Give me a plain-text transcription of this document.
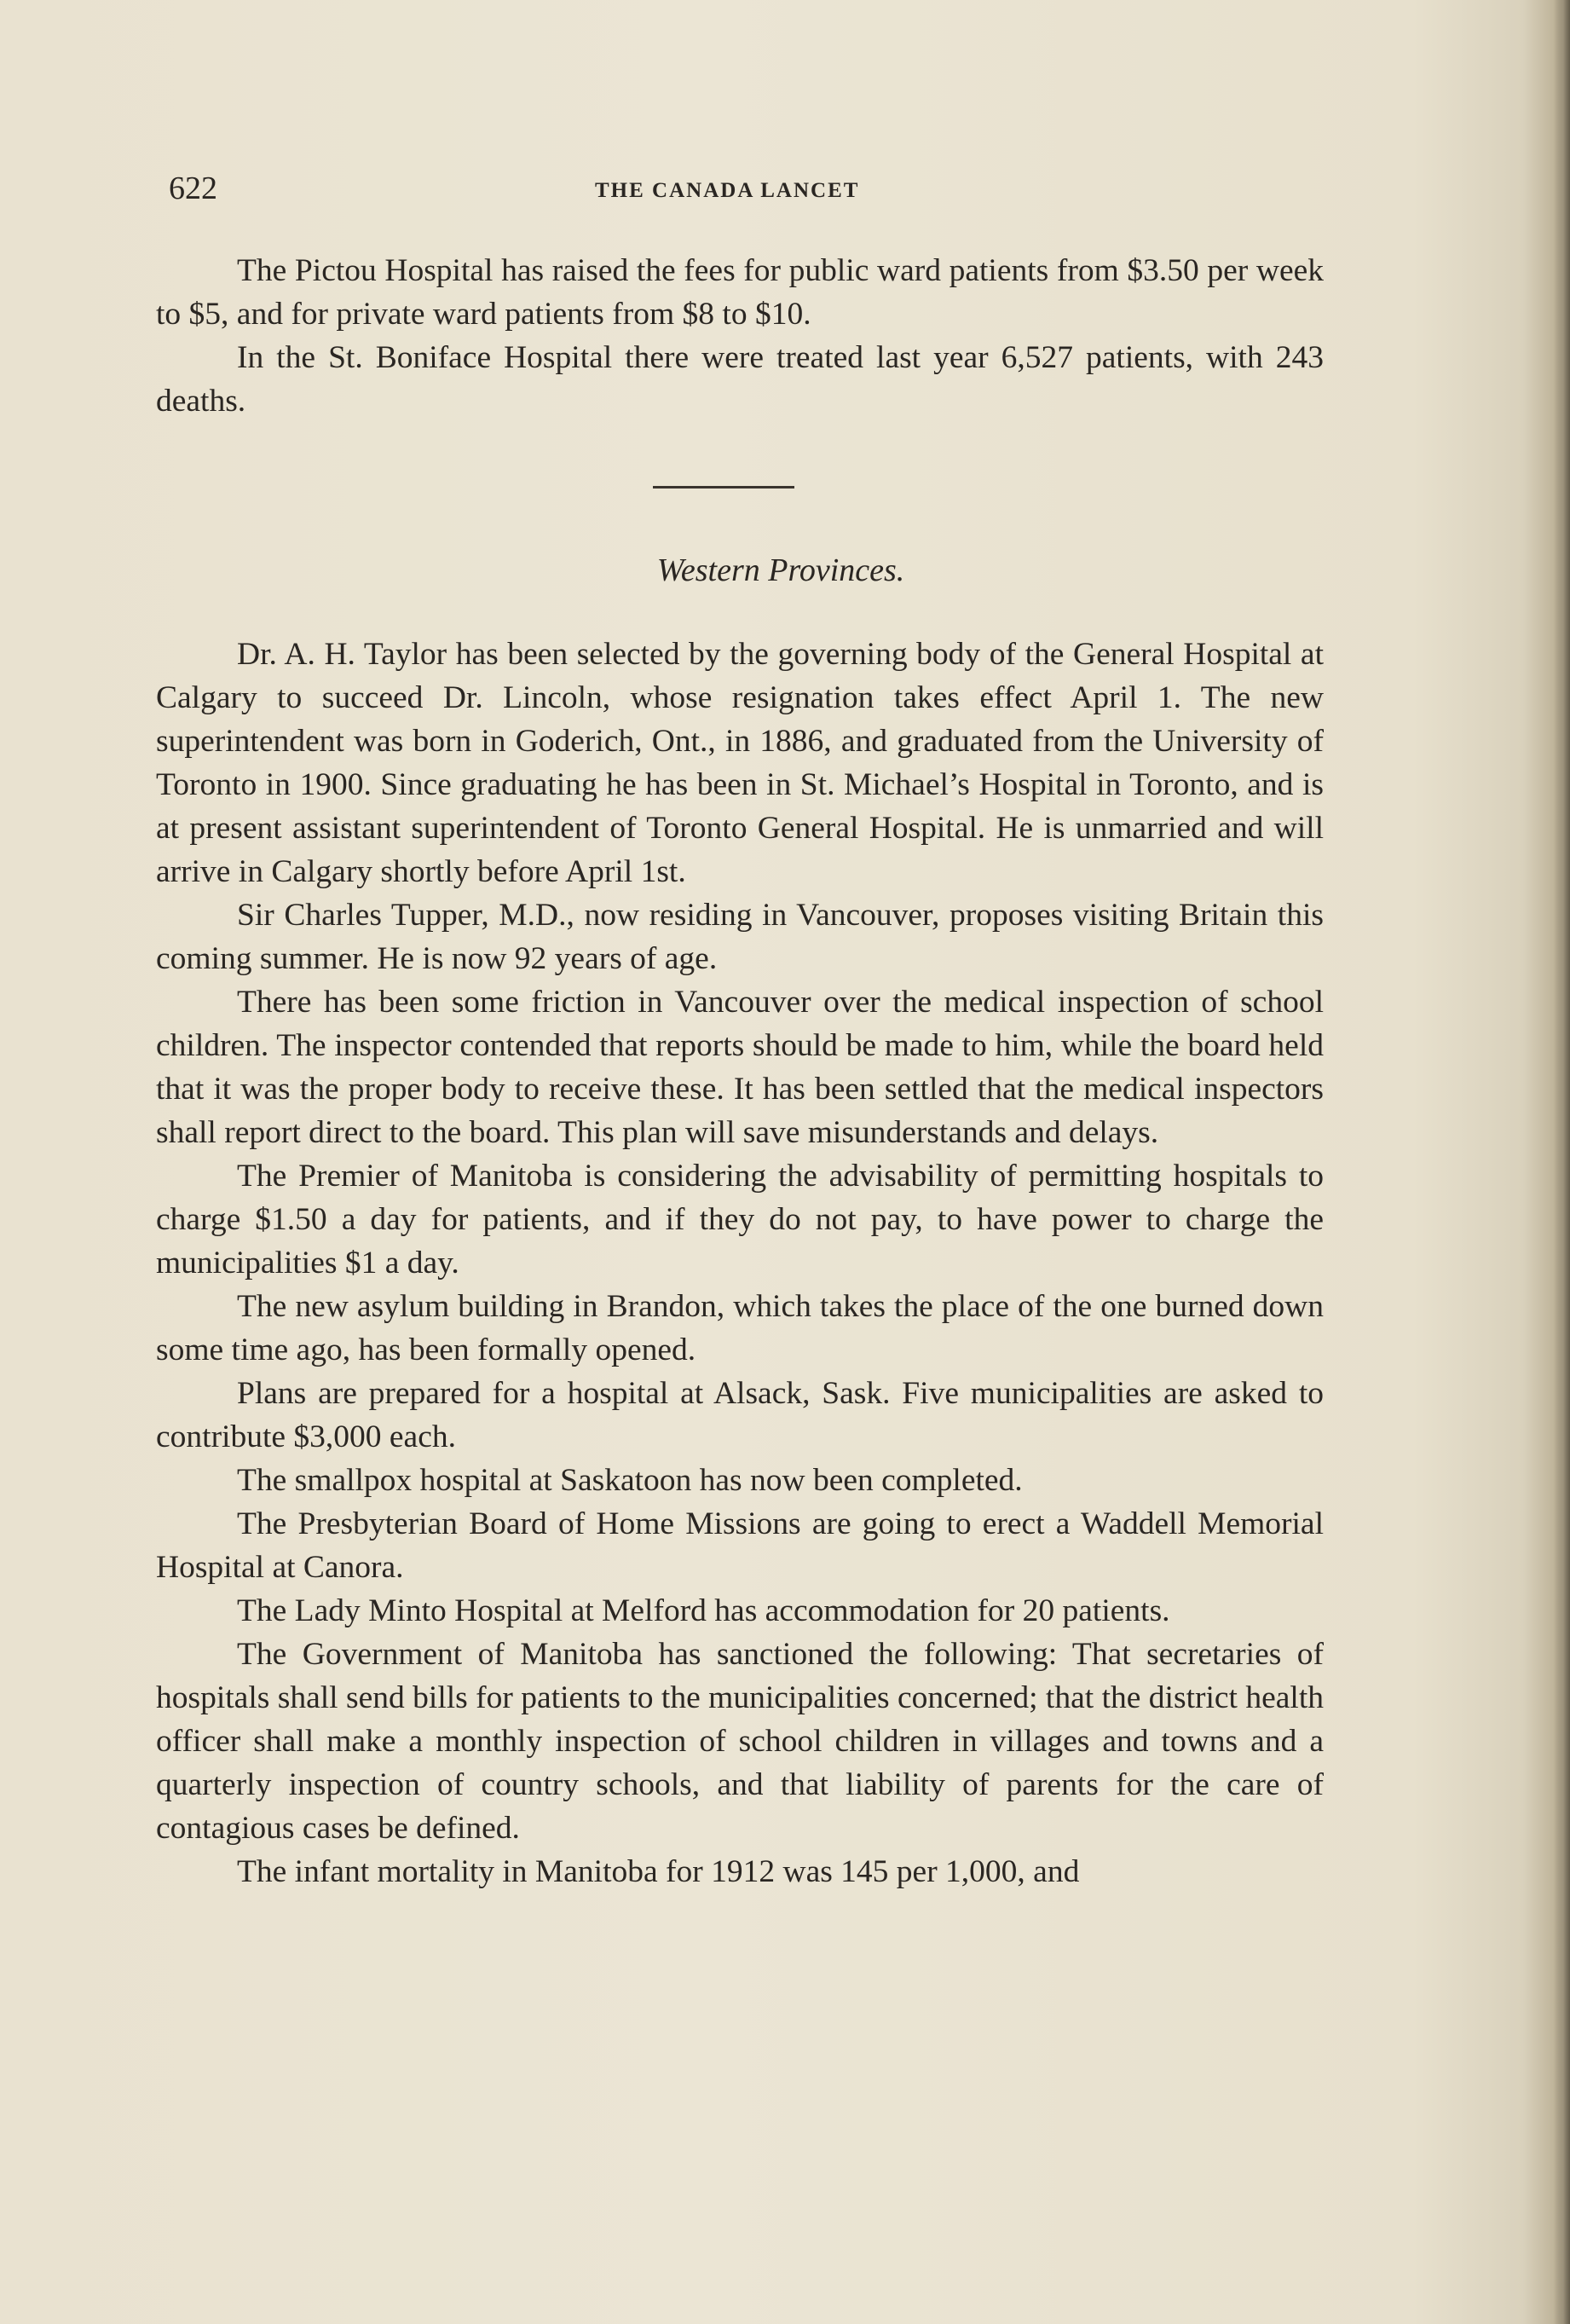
622	THE CANADA LANCET

The Pictou Hospital has raised the fees for public ward patients from $3.50 per week to $5, and for private ward patients from $8 to $10.

In the St. Boniface Hospital there were treated last year 6,527 patients, with 243 deaths.

Western Provinces.

Dr. A. H. Taylor has been selected by the governing body of the General Hospital at Calgary to succeed Dr. Lincoln, whose resignation takes effect April 1. The new superintendent was born in Goderich, Ont., in 1886, and graduated from the University of Toronto in 1900. Since graduating he has been in St. Michael’s Hospital in Toronto, and is at present assistant superintendent of Toronto General Hospital. He is unmarried and will arrive in Calgary shortly before April 1st.

Sir Charles Tupper, M.D., now residing in Vancouver, proposes visiting Britain this coming summer. He is now 92 years of age.

There has been some friction in Vancouver over the medical inspection of school children. The inspector contended that reports should be made to him, while the board held that it was the proper body to receive these. It has been settled that the medical inspectors shall report direct to the board. This plan will save misunderstands and delays.

The Premier of Manitoba is considering the advisability of permitting hospitals to charge $1.50 a day for patients, and if they do not pay, to have power to charge the municipalities $1 a day.

The new asylum building in Brandon, which takes the place of the one burned down some time ago, has been formally opened.

Plans are prepared for a hospital at Alsack, Sask. Five municipalities are asked to contribute $3,000 each.

The smallpox hospital at Saskatoon has now been completed.

The Presbyterian Board of Home Missions are going to erect a Waddell Memorial Hospital at Canora.

The Lady Minto Hospital at Melford has accommodation for 20 patients.

The Government of Manitoba has sanctioned the following: That secretaries of hospitals shall send bills for patients to the municipalities concerned; that the district health officer shall make a monthly inspection of school children in villages and towns and a quarterly inspection of country schools, and that liability of parents for the care of contagious cases be defined.

The infant mortality in Manitoba for 1912 was 145 per 1,000, and
